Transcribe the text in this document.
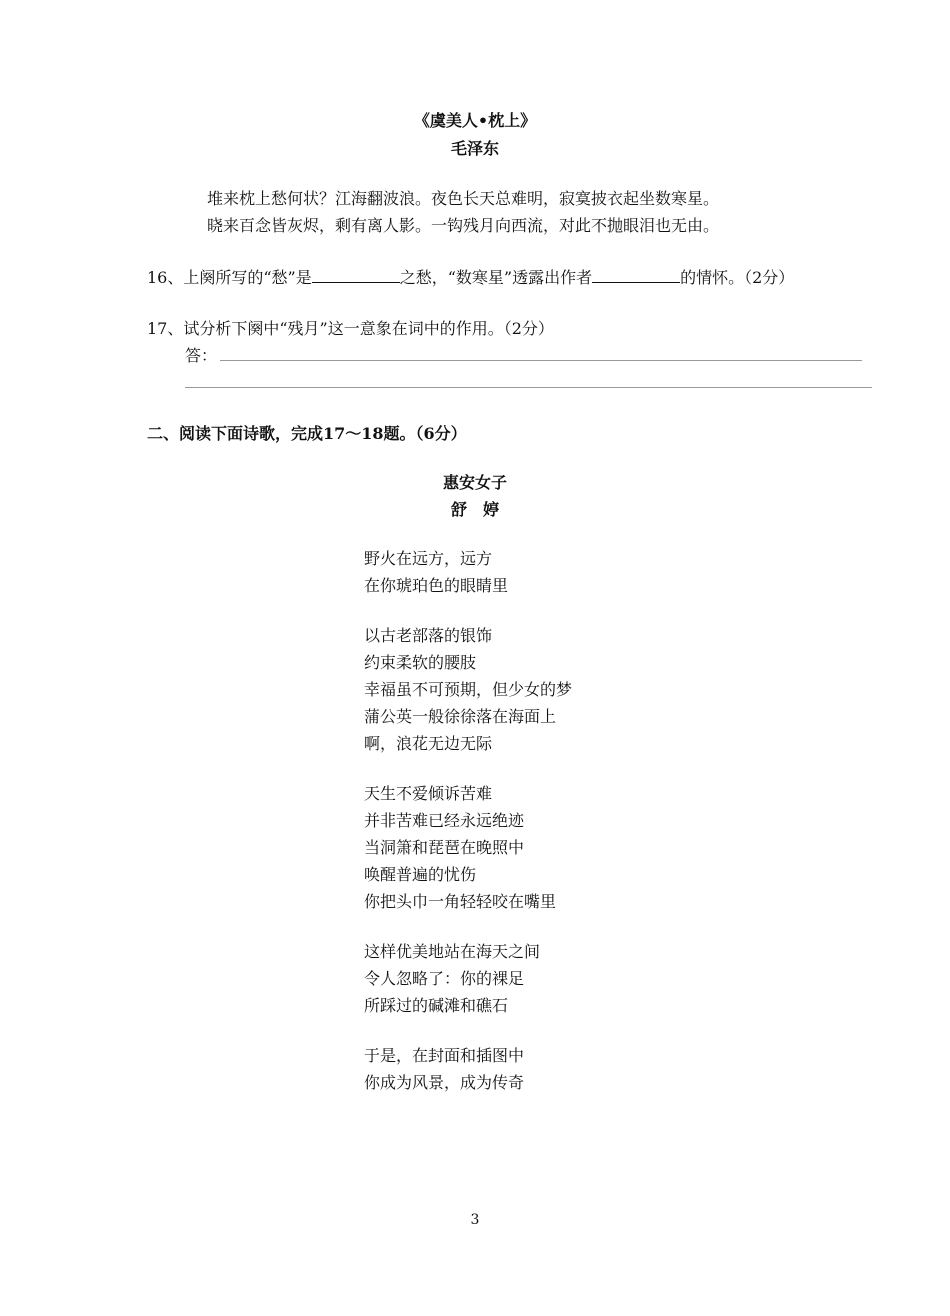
《虞美人•枕上》
毛泽东
堆来枕上愁何状？江海翻波浪。夜色长天总难明，寂寞披衣起坐数寒星。
晓来百念皆灰烬，剩有离人影。一钩残月向西流，对此不抛眼泪也无由。
16、上阕所写的“愁”是	之愁，“数寒星”透露出作者	的情怀。（2分）
17、试分析下阕中“残月”这一意象在词中的作用。（2分）
答：
二、阅读下面诗歌，完成17～18题。（6分）
惠安女子
舒　婷
野火在远方，远方
在你琥珀色的眼睛里
以古老部落的银饰
约束柔软的腰肢
幸福虽不可预期，但少女的梦
蒲公英一般徐徐落在海面上
啊，浪花无边无际
天生不爱倾诉苦难
并非苦难已经永远绝迹
当洞箫和琵琶在晚照中
唤醒普遍的忧伤
你把头巾一角轻轻咬在嘴里
这样优美地站在海天之间
令人忽略了：你的裸足
所踩过的碱滩和礁石
于是，在封面和插图中
你成为风景，成为传奇
3
